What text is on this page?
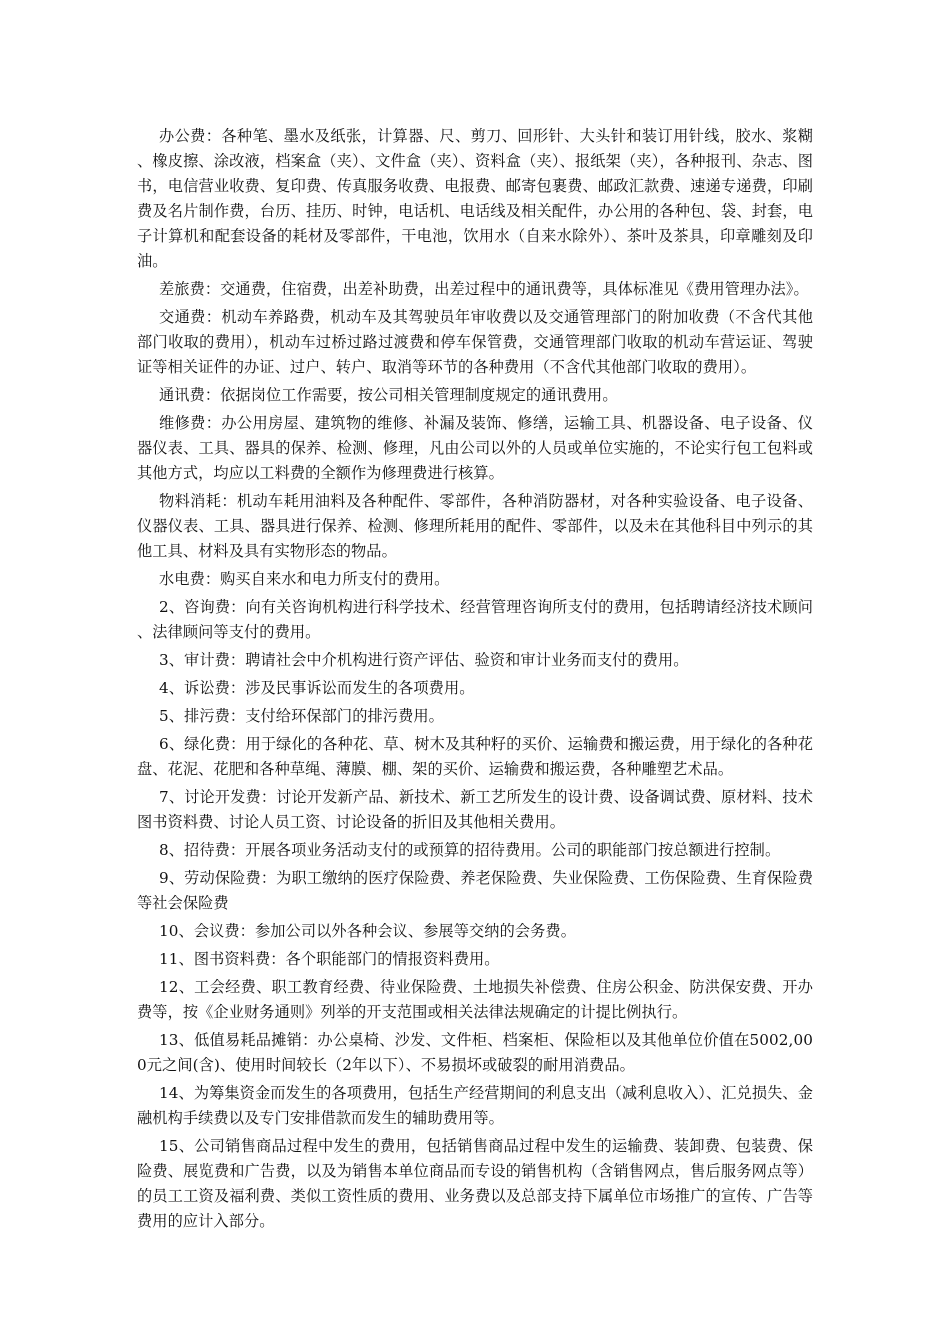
办公费：各种笔、墨水及纸张，计算器、尺、剪刀、回形针、大头针和装订用针线，胶水、浆糊、橡皮擦、涂改液，档案盒（夹）、文件盒（夹）、资料盒（夹）、报纸架（夹），各种报刊、杂志、图书，电信营业收费、复印费、传真服务收费、电报费、邮寄包裹费、邮政汇款费、速递专递费，印刷费及名片制作费，台历、挂历、时钟，电话机、电话线及相关配件，办公用的各种包、袋、封套，电子计算机和配套设备的耗材及零部件，干电池，饮用水（自来水除外）、茶叶及茶具，印章雕刻及印油。

差旅费：交通费，住宿费，出差补助费，出差过程中的通讯费等，具体标准见《费用管理办法》。

交通费：机动车养路费，机动车及其驾驶员年审收费以及交通管理部门的附加收费（不含代其他部门收取的费用），机动车过桥过路过渡费和停车保管费，交通管理部门收取的机动车营运证、驾驶证等相关证件的办证、过户、转户、取消等环节的各种费用（不含代其他部门收取的费用）。

通讯费：依据岗位工作需要，按公司相关管理制度规定的通讯费用。

维修费：办公用房屋、建筑物的维修、补漏及装饰、修缮，运输工具、机器设备、电子设备、仪器仪表、工具、器具的保养、检测、修理，凡由公司以外的人员或单位实施的，不论实行包工包料或其他方式，均应以工料费的全额作为修理费进行核算。

物料消耗：机动车耗用油料及各种配件、零部件，各种消防器材，对各种实验设备、电子设备、仪器仪表、工具、器具进行保养、检测、修理所耗用的配件、零部件，以及未在其他科目中列示的其他工具、材料及具有实物形态的物品。

水电费：购买自来水和电力所支付的费用。

2、咨询费：向有关咨询机构进行科学技术、经营管理咨询所支付的费用，包括聘请经济技术顾问、法律顾问等支付的费用。

3、审计费：聘请社会中介机构进行资产评估、验资和审计业务而支付的费用。

4、诉讼费：涉及民事诉讼而发生的各项费用。

5、排污费：支付给环保部门的排污费用。

6、绿化费：用于绿化的各种花、草、树木及其种籽的买价、运输费和搬运费，用于绿化的各种花盘、花泥、花肥和各种草绳、薄膜、棚、架的买价、运输费和搬运费，各种雕塑艺术品。

7、讨论开发费：讨论开发新产品、新技术、新工艺所发生的设计费、设备调试费、原材料、技术图书资料费、讨论人员工资、讨论设备的折旧及其他相关费用。

8、招待费：开展各项业务活动支付的或预算的招待费用。公司的职能部门按总额进行控制。

9、劳动保险费：为职工缴纳的医疗保险费、养老保险费、失业保险费、工伤保险费、生育保险费等社会保险费

10、会议费：参加公司以外各种会议、参展等交纳的会务费。

11、图书资料费：各个职能部门的情报资料费用。

12、工会经费、职工教育经费、待业保险费、土地损失补偿费、住房公积金、防洪保安费、开办费等，按《企业财务通则》列举的开支范围或相关法律法规确定的计提比例执行。

13、低值易耗品摊销：办公桌椅、沙发、文件柜、档案柜、保险柜以及其他单位价值在5002,000元之间(含)、使用时间较长（2年以下）、不易损坏或破裂的耐用消费品。

14、为筹集资金而发生的各项费用，包括生产经营期间的利息支出（减利息收入）、汇兑损失、金融机构手续费以及专门安排借款而发生的辅助费用等。

15、公司销售商品过程中发生的费用，包括销售商品过程中发生的运输费、装卸费、包装费、保险费、展览费和广告费，以及为销售本单位商品而专设的销售机构（含销售网点，售后服务网点等）的员工工资及福利费、类似工资性质的费用、业务费以及总部支持下属单位市场推广的宣传、广告等费用的应计入部分。
